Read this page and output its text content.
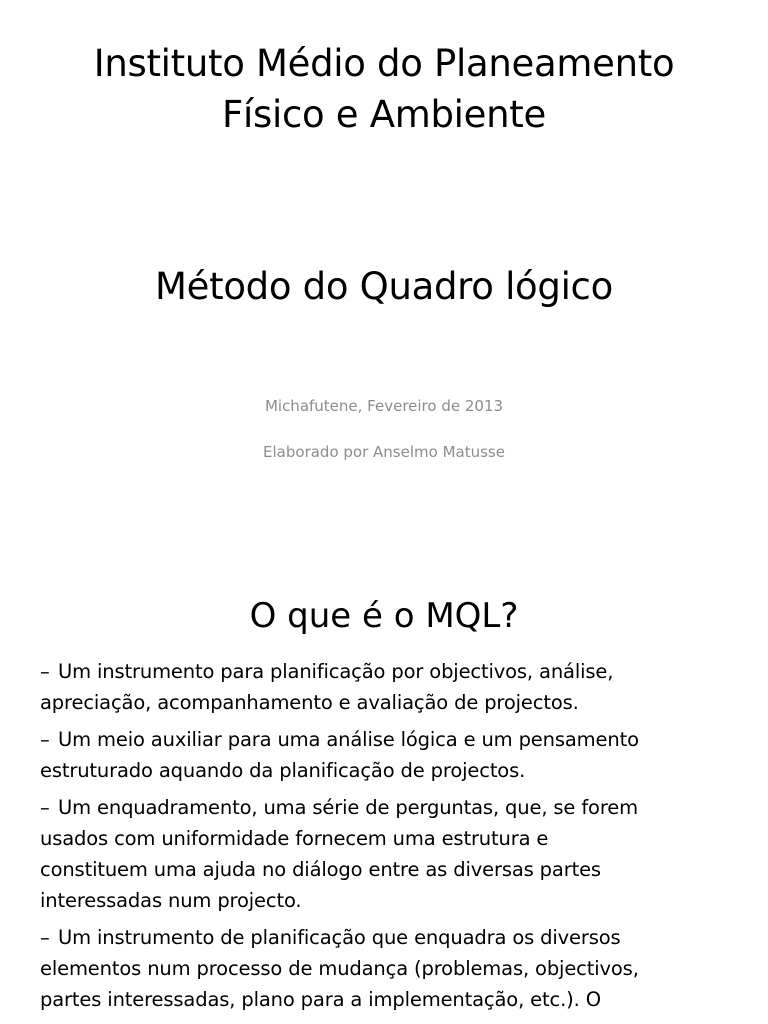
Instituto Médio do Planeamento
Físico e Ambiente
Método do Quadro lógico

Michafutene, Fevereiro de 2013

Elaborado por Anselmo Matusse

O que é o MQL?
– Um instrumento para planificação por objectivos, análise,
apreciação, acompanhamento e avaliação de projectos.
– Um meio auxiliar para uma análise lógica e um pensamento
estruturado aquando da planificação de projectos.
– Um enquadramento, uma série de perguntas, que, se forem
usados com uniformidade fornecem uma estrutura e
constituem uma ajuda no diálogo entre as diversas partes
interessadas num projecto.
– Um instrumento de planificação que enquadra os diversos
elementos num processo de mudança (problemas, objectivos,
partes interessadas, plano para a implementação, etc.). O
